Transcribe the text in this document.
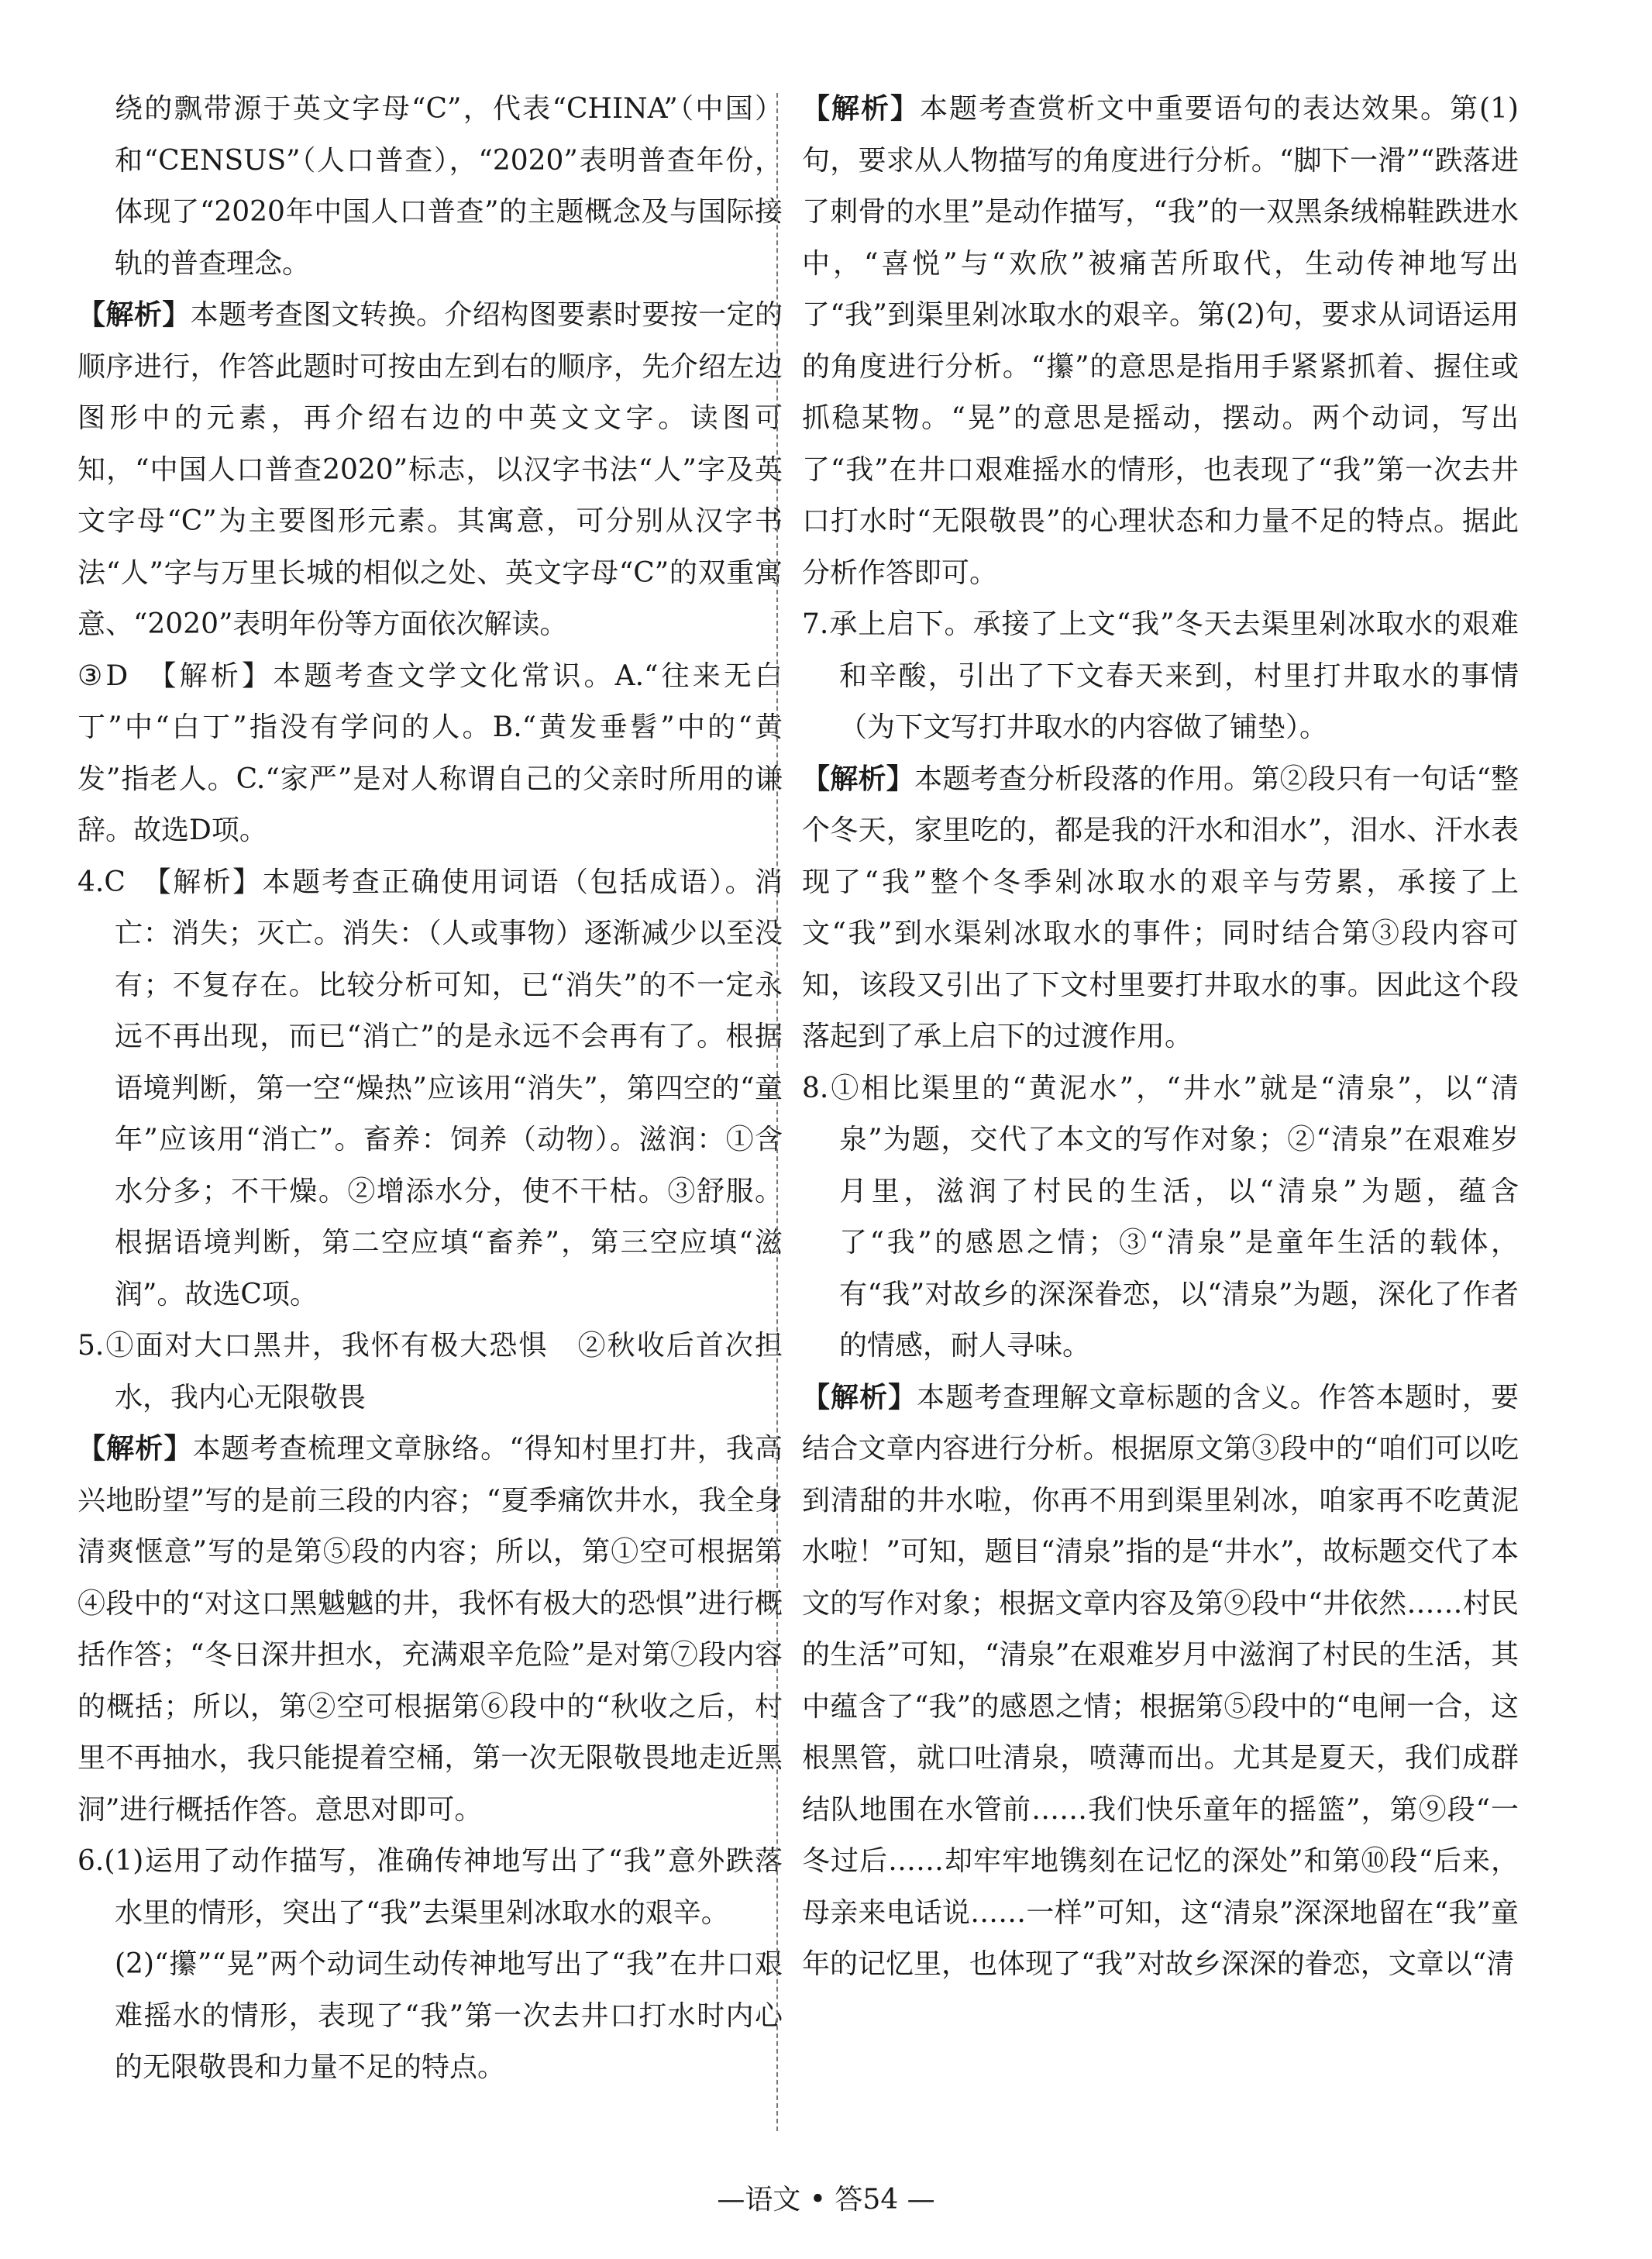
绕的飘带源于英文字母“C”，代表“CHINA”（中国）和“CENSUS”（人口普查），“2020”表明普查年份，体现了“2020年中国人口普查”的主题概念及与国际接轨的普查理念。
【解析】本题考查图文转换。介绍构图要素时要按一定的顺序进行，作答此题时可按由左到右的顺序，先介绍左边图形中的元素，再介绍右边的中英文文字。读图可知，“中国人口普查2020”标志，以汉字书法“人”字及英文字母“C”为主要图形元素。其寓意，可分别从汉字书法“人”字与万里长城的相似之处、英文字母“C”的双重寓意、“2020”表明年份等方面依次解读。
③D　【解析】本题考查文学文化常识。A.“往来无白丁”中“白丁”指没有学问的人。B.“黄发垂髫”中的“黄发”指老人。C.“家严”是对人称谓自己的父亲时所用的谦辞。故选D项。
4.C　【解析】本题考查正确使用词语（包括成语）。消亡：消失；灭亡。消失：（人或事物）逐渐减少以至没有；不复存在。比较分析可知，已“消失”的不一定永远不再出现，而已“消亡”的是永远不会再有了。根据语境判断，第一空“燥热”应该用“消失”，第四空的“童年”应该用“消亡”。畜养：饲养（动物）。滋润：①含水分多；不干燥。②增添水分，使不干枯。③舒服。根据语境判断，第二空应填“畜养”，第三空应填“滋润”。故选C项。
5.①面对大口黑井，我怀有极大恐惧　②秋收后首次担水，我内心无限敬畏
【解析】本题考查梳理文章脉络。“得知村里打井，我高兴地盼望”写的是前三段的内容；“夏季痛饮井水，我全身清爽惬意”写的是第⑤段的内容；所以，第①空可根据第④段中的“对这口黑魆魆的井，我怀有极大的恐惧”进行概括作答；“冬日深井担水，充满艰辛危险”是对第⑦段内容的概括；所以，第②空可根据第⑥段中的“秋收之后，村里不再抽水，我只能提着空桶，第一次无限敬畏地走近黑洞”进行概括作答。意思对即可。
6.(1)运用了动作描写，准确传神地写出了“我”意外跌落水里的情形，突出了“我”去渠里剁冰取水的艰辛。
(2)“攥”“晃”两个动词生动传神地写出了“我”在井口艰难摇水的情形，表现了“我”第一次去井口打水时内心的无限敬畏和力量不足的特点。
【解析】本题考查赏析文中重要语句的表达效果。第(1)句，要求从人物描写的角度进行分析。“脚下一滑”“跌落进了刺骨的水里”是动作描写，“我”的一双黑条绒棉鞋跌进水中，“喜悦”与“欢欣”被痛苦所取代，生动传神地写出了“我”到渠里剁冰取水的艰辛。第(2)句，要求从词语运用的角度进行分析。“攥”的意思是指用手紧紧抓着、握住或抓稳某物。“晃”的意思是摇动，摆动。两个动词，写出了“我”在井口艰难摇水的情形，也表现了“我”第一次去井口打水时“无限敬畏”的心理状态和力量不足的特点。据此分析作答即可。
7.承上启下。承接了上文“我”冬天去渠里剁冰取水的艰难和辛酸，引出了下文春天来到，村里打井取水的事情（为下文写打井取水的内容做了铺垫）。
【解析】本题考查分析段落的作用。第②段只有一句话“整个冬天，家里吃的，都是我的汗水和泪水”，泪水、汗水表现了“我”整个冬季剁冰取水的艰辛与劳累，承接了上文“我”到水渠剁冰取水的事件；同时结合第③段内容可知，该段又引出了下文村里要打井取水的事。因此这个段落起到了承上启下的过渡作用。
8.①相比渠里的“黄泥水”，“井水”就是“清泉”，以“清泉”为题，交代了本文的写作对象；②“清泉”在艰难岁月里，滋润了村民的生活，以“清泉”为题，蕴含了“我”的感恩之情；③“清泉”是童年生活的载体，有“我”对故乡的深深眷恋，以“清泉”为题，深化了作者的情感，耐人寻味。
【解析】本题考查理解文章标题的含义。作答本题时，要结合文章内容进行分析。根据原文第③段中的“咱们可以吃到清甜的井水啦，你再不用到渠里剁冰，咱家再不吃黄泥水啦！”可知，题目“清泉”指的是“井水”，故标题交代了本文的写作对象；根据文章内容及第⑨段中“井依然……村民的生活”可知，“清泉”在艰难岁月中滋润了村民的生活，其中蕴含了“我”的感恩之情；根据第⑤段中的“电闸一合，这根黑管，就口吐清泉，喷薄而出。尤其是夏天，我们成群结队地围在水管前……我们快乐童年的摇篮”，第⑨段“一冬过后……却牢牢地镌刻在记忆的深处”和第⑩段“后来，母亲来电话说……一样”可知，这“清泉”深深地留在“我”童年的记忆里，也体现了“我”对故乡深深的眷恋，文章以“清
—语文 • 答54 —
